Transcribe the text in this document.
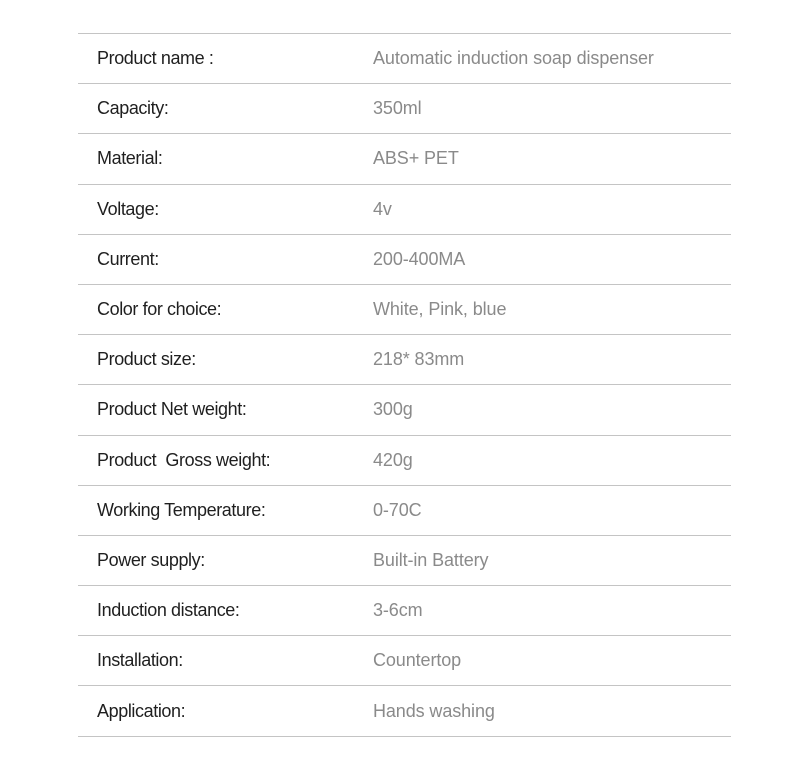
Product name :	Automatic induction soap dispenser
Capacity:	350ml
Material:	ABS+ PET
Voltage:	4v
Current:	200-400MA
Color for choice:	White, Pink, blue
Product size:	218* 83mm
Product Net weight:	300g
Product  Gross weight:	420g
Working Temperature:	0-70C
Power supply:	Built-in Battery
Induction distance:	3-6cm
Installation:	Countertop
Application:	Hands washing
